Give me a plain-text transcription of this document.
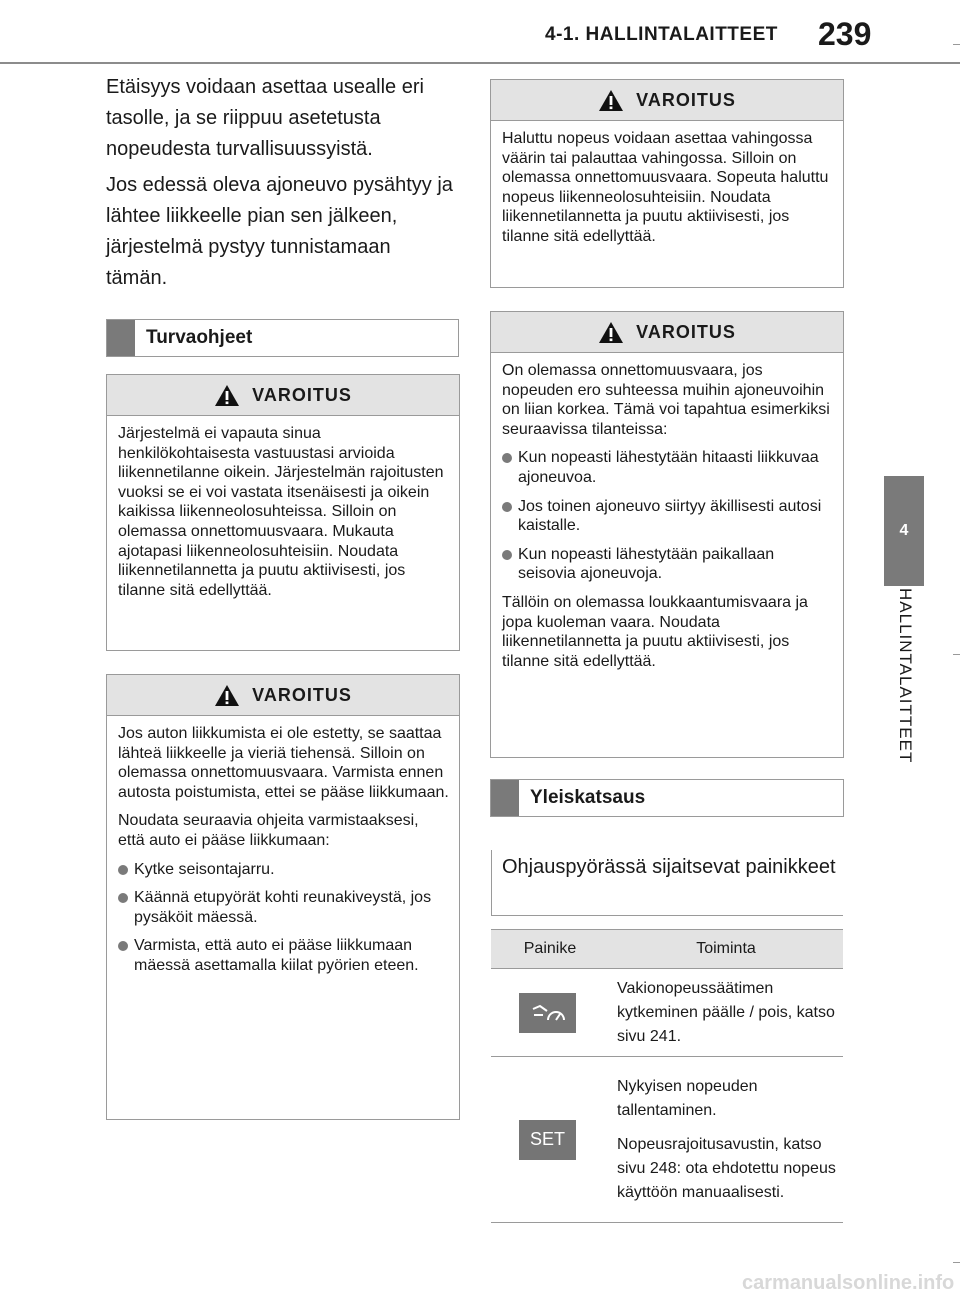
4-1. HALLINTALAITTEET 239
4
HALLINTALAITTEET

Etäisyys voidaan asettaa usealle eri tasolle, ja se riippuu asetetusta nopeudesta turvallisuussyistä.

Jos edessä oleva ajoneuvo pysähtyy ja lähtee liikkeelle pian sen jälkeen, järjestelmä pystyy tunnistamaan tämän.

Turvaohjeet
VAROITUS

Järjestelmä ei vapauta sinua henkilökohtaisesta vastuustasi arvioida liikennetilanne oikein. Järjestelmän rajoitusten vuoksi se ei voi vastata itsenäisesti ja oikein kaikissa liikenneolosuhteissa. Silloin on olemassa onnettomuusvaara. Mukauta ajotapasi liikenneolosuhteisiin. Noudata liikennetilannetta ja puutu aktiivisesti, jos tilanne sitä edellyttää.

VAROITUS

Jos auton liikkumista ei ole estetty, se saattaa lähteä liikkeelle ja vieriä tiehensä. Silloin on olemassa onnettomuusvaara. Varmista ennen autosta poistumista, ettei se pääse liikkumaan.

Noudata seuraavia ohjeita varmistaaksesi, että auto ei pääse liikkumaan:

Kytke seisontajarru.
Käännä etupyörät kohti reunakiveystä, jos pysäköit mäessä.
Varmista, että auto ei pääse liikkumaan mäessä asettamalla kiilat pyörien eteen.
VAROITUS

Haluttu nopeus voidaan asettaa vahingossa väärin tai palauttaa vahingossa. Silloin on olemassa onnettomuusvaara. Sopeuta haluttu nopeus liikenneolosuhteisiin. Noudata liikennetilannetta ja puutu aktiivisesti, jos tilanne sitä edellyttää.

VAROITUS

On olemassa onnettomuusvaara, jos nopeuden ero suhteessa muihin ajoneuvoihin on liian korkea. Tämä voi tapahtua esimerkiksi seuraavissa tilanteissa:

Kun nopeasti lähestytään hitaasti liikkuvaa ajoneuvoa.
Jos toinen ajoneuvo siirtyy äkillisesti autosi kaistalle.
Kun nopeasti lähestytään paikallaan seisovia ajoneuvoja.

Tällöin on olemassa loukkaantumisvaara ja jopa kuoleman vaara. Noudata liikennetilannetta ja puutu aktiivisesti, jos tilanne sitä edellyttää.

Yleiskatsaus
Ohjauspyörässä sijaitsevat painikkeet
Painike	Toiminta

Vakionopeussäätimen kytkeminen päälle / pois, katso sivu 241.

SET	Nykyisen nopeuden tallentaminen.

Nopeusrajoitusavustin, katso sivu 248: ota ehdotettu nopeus käyttöön manuaalisesti.

carmanualsonline.info
